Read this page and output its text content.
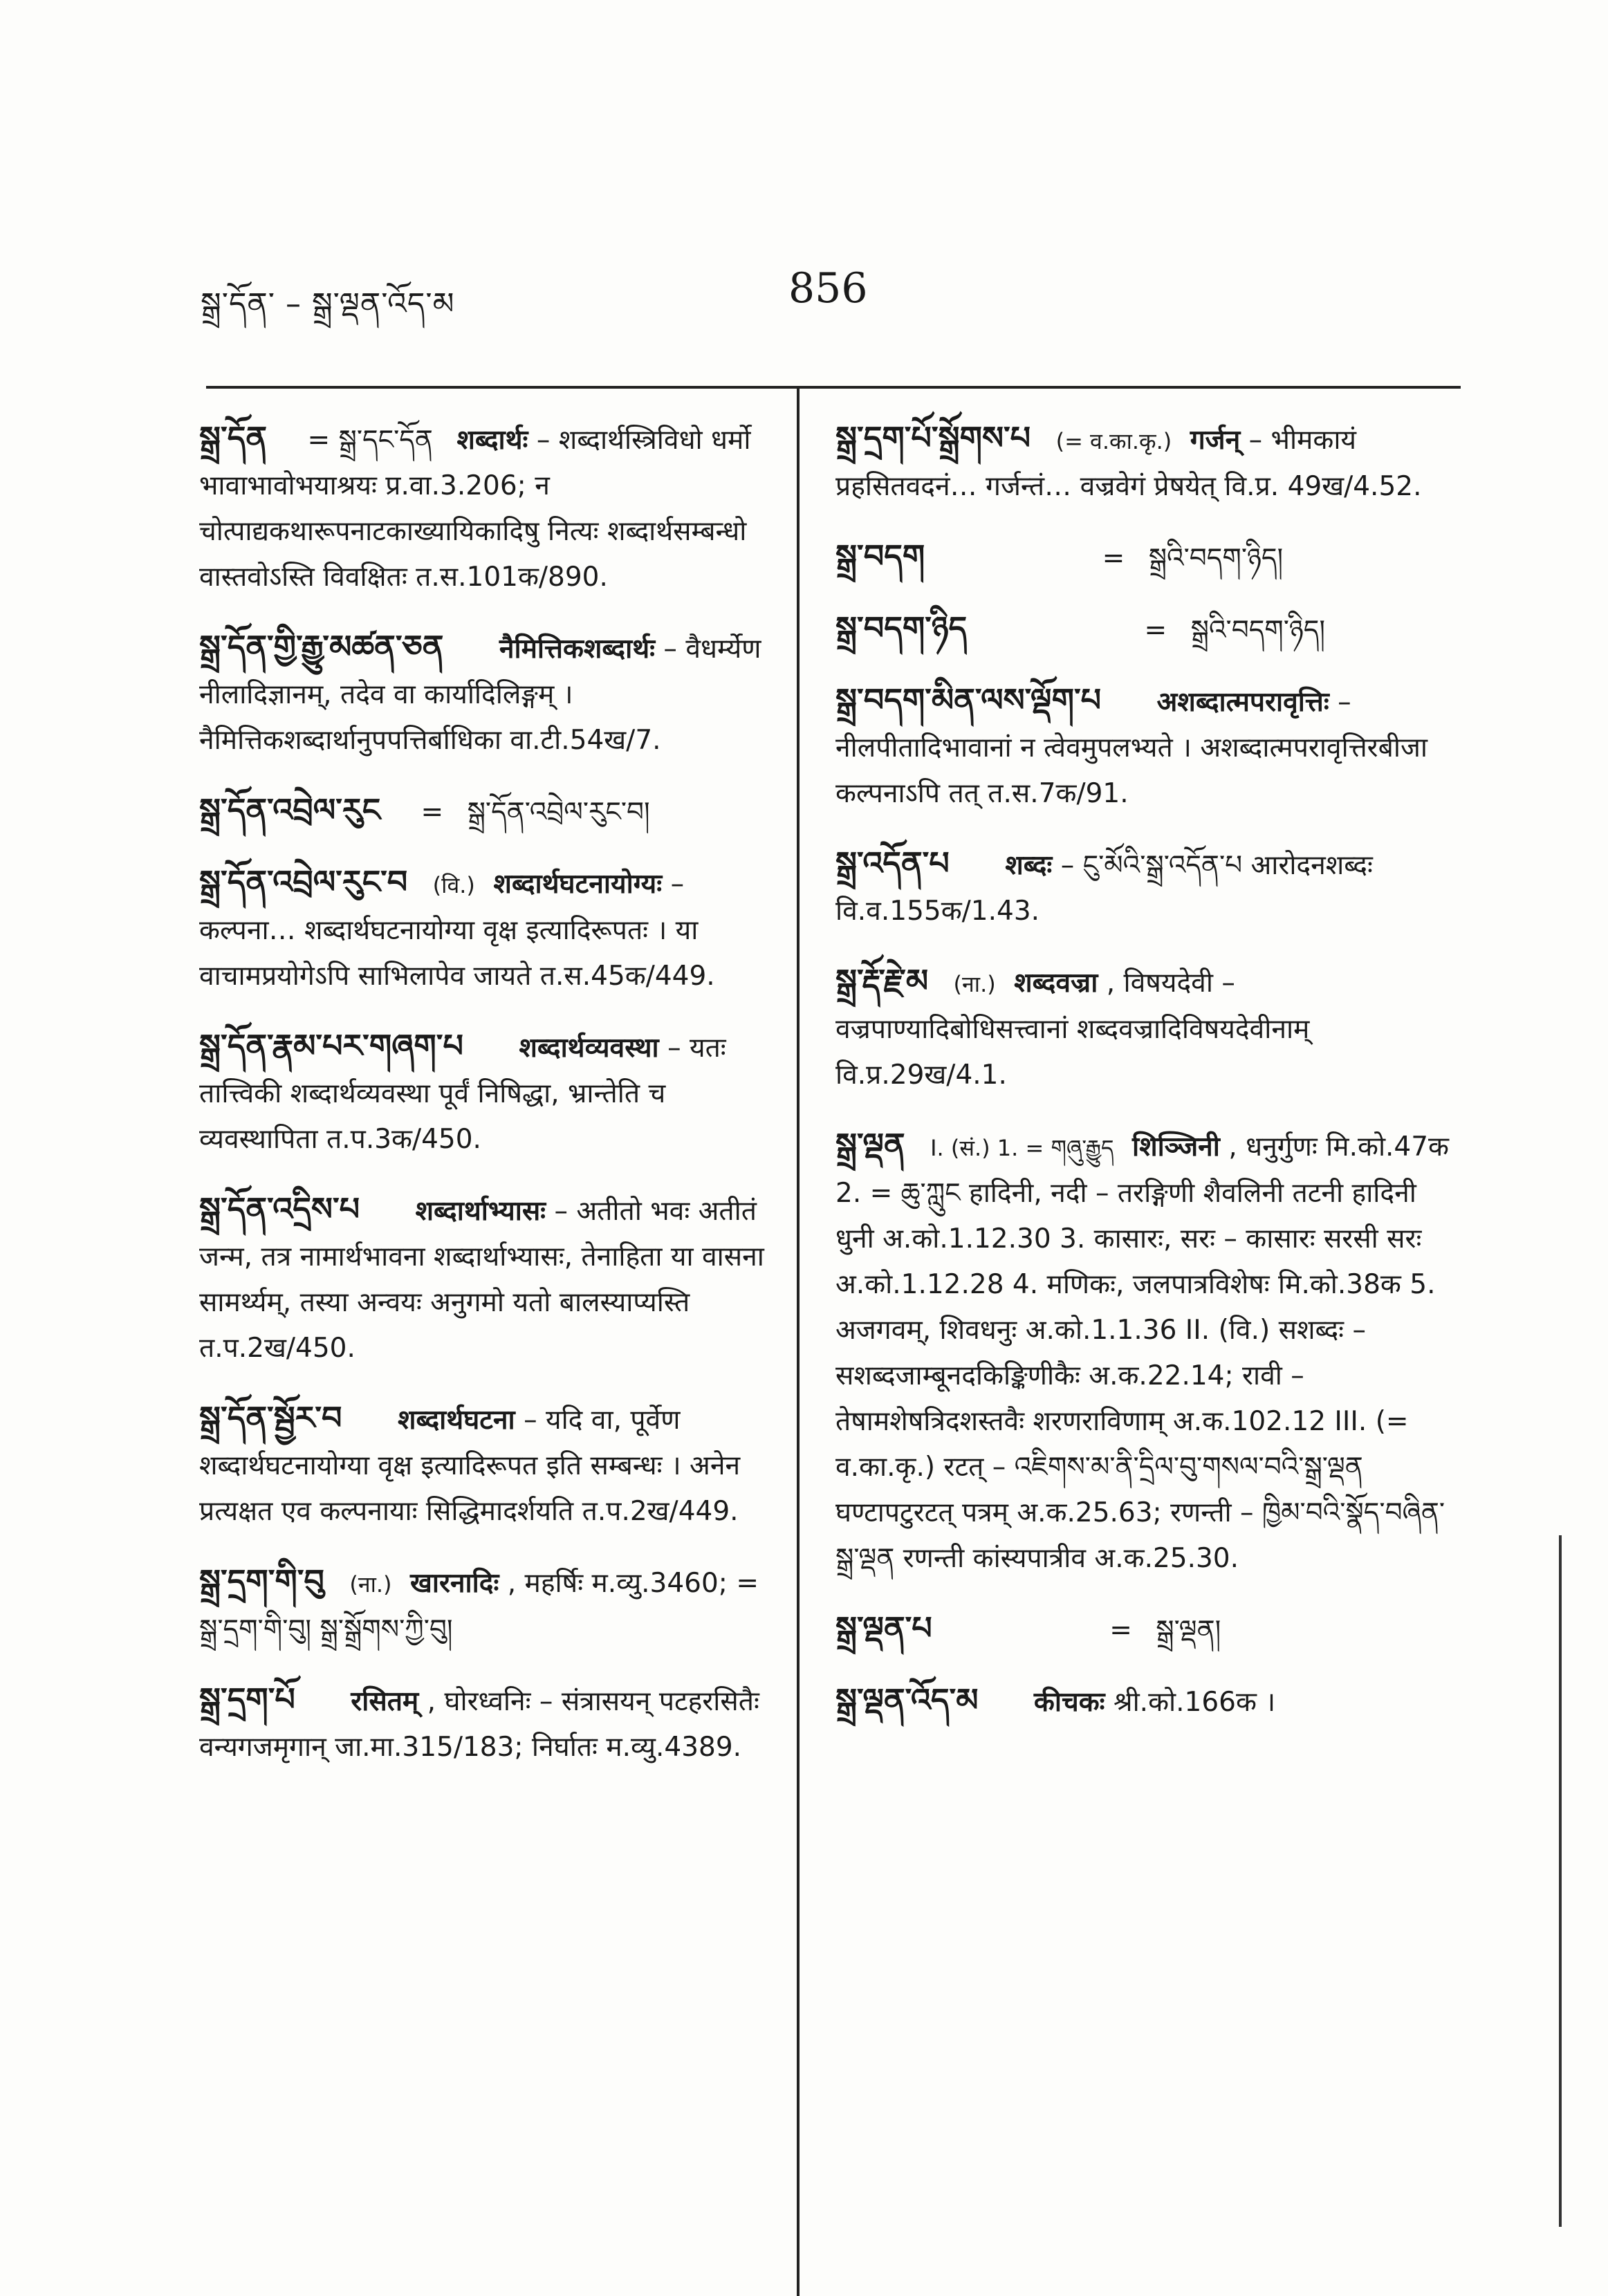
སྒྲ་དོན་ – སྒྲ་ལྡན་འོད་མ	856

སྒྲ་དོན = སྒྲ་དང་དོན शब्दार्थः – शब्दार्थस्त्रिविधो धर्मो भावाभावोभयाश्रयः प्र.वा.3.206; न चोत्पाद्यकथारूपनाटकाख्यायिकादिषु नित्यः शब्दार्थसम्बन्धो वास्तवोऽस्ति विवक्षितः त.स.101क/890.

སྒྲ་དོན་གྱི་རྒྱུ་མཚན་ཅན नैमित्तिकशब्दार्थः – वैधर्म्येण नीलादिज्ञानम्, तदेव वा कार्यादिलिङ्गम् । नैमित्तिकशब्दार्थानुपपत्तिर्बाधिका वा.टी.54ख/7.

སྒྲ་དོན་འབྲེལ་རུང = སྒྲ་དོན་འབྲེལ་རུང་བ།

སྒྲ་དོན་འབྲེལ་རུང་བ (वि.) शब्दार्थघटनायोग्यः – कल्पना… शब्दार्थघटनायोग्या वृक्ष इत्यादिरूपतः । या वाचामप्रयोगेऽपि साभिलापेव जायते त.स.45क/449.

སྒྲ་དོན་རྣམ་པར་གཞག་པ शब्दार्थव्यवस्था – यतः तात्त्विकी शब्दार्थव्यवस्था पूर्वं निषिद्धा, भ्रान्तेति च व्यवस्थापिता त.प.3क/450.

སྒྲ་དོན་འདྲིས་པ शब्दार्थाभ्यासः – अतीतो भवः अतीतं जन्म, तत्र नामार्थभावना शब्दार्थाभ्यासः, तेनाहिता या वासना सामर्थ्यम्, तस्या अन्वयः अनुगमो यतो बालस्याप्यस्ति त.प.2ख/450.

སྒྲ་དོན་སྦྱོར་བ शब्दार्थघटना – यदि वा, पूर्वेण शब्दार्थघटनायोग्या वृक्ष इत्यादिरूपत इति सम्बन्धः । अनेन प्रत्यक्षत एव कल्पनायाः सिद्धिमादर्शयति त.प.2ख/449.

སྒྲ་དྲག་གི་བུ (ना.) खारनादिः , महर्षिः म.व्यु.3460; = སྒྲ་དྲག་གི་བུ། སྒྲ་སྒྲོགས་ཀྱི་བུ།

སྒྲ་དྲག་པོ रसितम् , घोरध्वनिः – संत्रासयन् पटहरसितैः वन्यगजमृगान् जा.मा.315/183; निर्घातः म.व्यु.4389.

སྒྲ་དྲག་པོ་སྒྲོགས་པ (= व.का.कृ.) गर्जन् – भीमकायं प्रहसितवदनं… गर्जन्तं… वज्रवेगं प्रेषयेत् वि.प्र. 49ख/4.52.

སྒྲ་བདག	= སྒྲའི་བདག་ཉིད།

སྒྲ་བདག་ཉིད	= སྒྲའི་བདག་ཉིད།

སྒྲ་བདག་མིན་ལས་ལྡོག་པ अशब्दात्मपरावृत्तिः – नीलपीतादिभावानां न त्वेवमुपलभ्यते । अशब्दात्मपरावृत्तिरबीजा कल्पनाऽपि तत् त.स.7क/91.

སྒྲ་འདོན་པ शब्दः – ངུ་མོའི་སྒྲ་འདོན་པ आरोदनशब्दः वि.व.155क/1.43.

སྒྲ་རྡོ་རྗེ་མ (ना.) शब्दवज्रा , विषयदेवी – वज्रपाण्यादिबोधिसत्त्वानां शब्दवज्रादिविषयदेवीनाम् वि.प्र.29ख/4.1.

སྒྲ་ལྡན I. (सं.) 1. = གཞུ་རྒྱུད शिञ्जिनी , धनुर्गुणः मि.को.47क 2. = ཆུ་ཀླུང हादिनी, नदी – तरङ्गिणी शैवलिनी तटनी हादिनी धुनी अ.को.1.12.30 3. कासारः, सरः – कासारः सरसी सरः अ.को.1.12.28 4. मणिकः, जलपात्रविशेषः मि.को.38क 5. अजगवम्, शिवधनुः अ.को.1.1.36 II. (वि.) सशब्दः – सशब्दजाम्बूनदकिङ्किणीकैः अ.क.22.14; रावी – तेषामशेषत्रिदशस्तवैः शरणराविणाम् अ.क.102.12 III. (= व.का.कृ.) रटत् – འཇིགས་མ་ནི་དྲིལ་བུ་གསལ་བའི་སྒྲ་ལྡན घण्टापटुरटत् पत्रम् अ.क.25.63; रणन्ती – ཁྱིམ་བའི་སྣོད་བཞིན་སྒྲ་ལྡན रणन्ती कांस्यपात्रीव अ.क.25.30.

སྒྲ་ལྡན་པ	= སྒྲ་ལྡན།

སྒྲ་ལྡན་འོད་མ कीचकः श्री.को.166क ।
